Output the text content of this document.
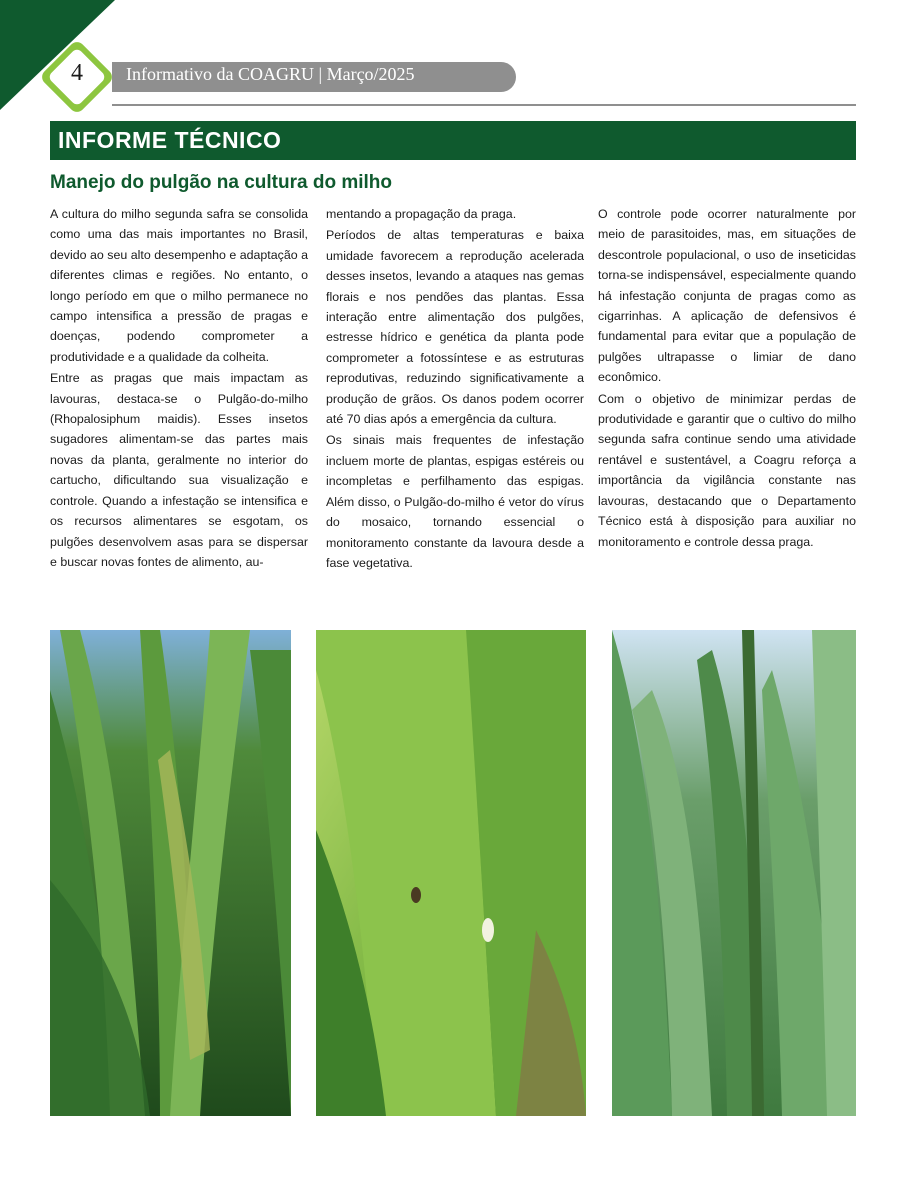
4	Informativo da COAGRU | Março/2025
INFORME TÉCNICO
Manejo do pulgão na cultura do milho

A cultura do milho segunda safra se consolida como uma das mais importantes no Brasil, devido ao seu alto desempenho e adaptação a diferentes climas e regiões. No entanto, o longo período em que o milho permanece no campo intensifica a pressão de pragas e doenças, podendo comprometer a produtividade e a qualidade da colheita.

Entre as pragas que mais impactam as lavouras, destaca-se o Pulgão-do-milho (Rhopalosiphum maidis). Esses insetos sugadores alimentam-se das partes mais novas da planta, geralmente no interior do cartucho, dificultando sua visualização e controle. Quando a infestação se intensifica e os recursos alimentares se esgotam, os pulgões desenvolvem asas para se dispersar e buscar novas fontes de alimento, au-

mentando a propagação da praga.

Períodos de altas temperaturas e baixa umidade favorecem a reprodução acelerada desses insetos, levando a ataques nas gemas florais e nos pendões das plantas. Essa interação entre alimentação dos pulgões, estresse hídrico e genética da planta pode comprometer a fotossíntese e as estruturas reprodutivas, reduzindo significativamente a produção de grãos. Os danos podem ocorrer até 70 dias após a emergência da cultura.

Os sinais mais frequentes de infestação incluem morte de plantas, espigas estéreis ou incompletas e perfilhamento das espigas. Além disso, o Pulgão-do-milho é vetor do vírus do mosaico, tornando essencial o monitoramento constante da lavoura desde a fase vegetativa.

O controle pode ocorrer naturalmente por meio de parasitoides, mas, em situações de descontrole populacional, o uso de inseticidas torna-se indispensável, especialmente quando há infestação conjunta de pragas como as cigarrinhas. A aplicação de defensivos é fundamental para evitar que a população de pulgões ultrapasse o limiar de dano econômico.

Com o objetivo de minimizar perdas de produtividade e garantir que o cultivo do milho segunda safra continue sendo uma atividade rentável e sustentável, a Coagru reforça a importância da vigilância constante nas lavouras, destacando que o Departamento Técnico está à disposição para auxiliar no monitoramento e controle dessa praga.
